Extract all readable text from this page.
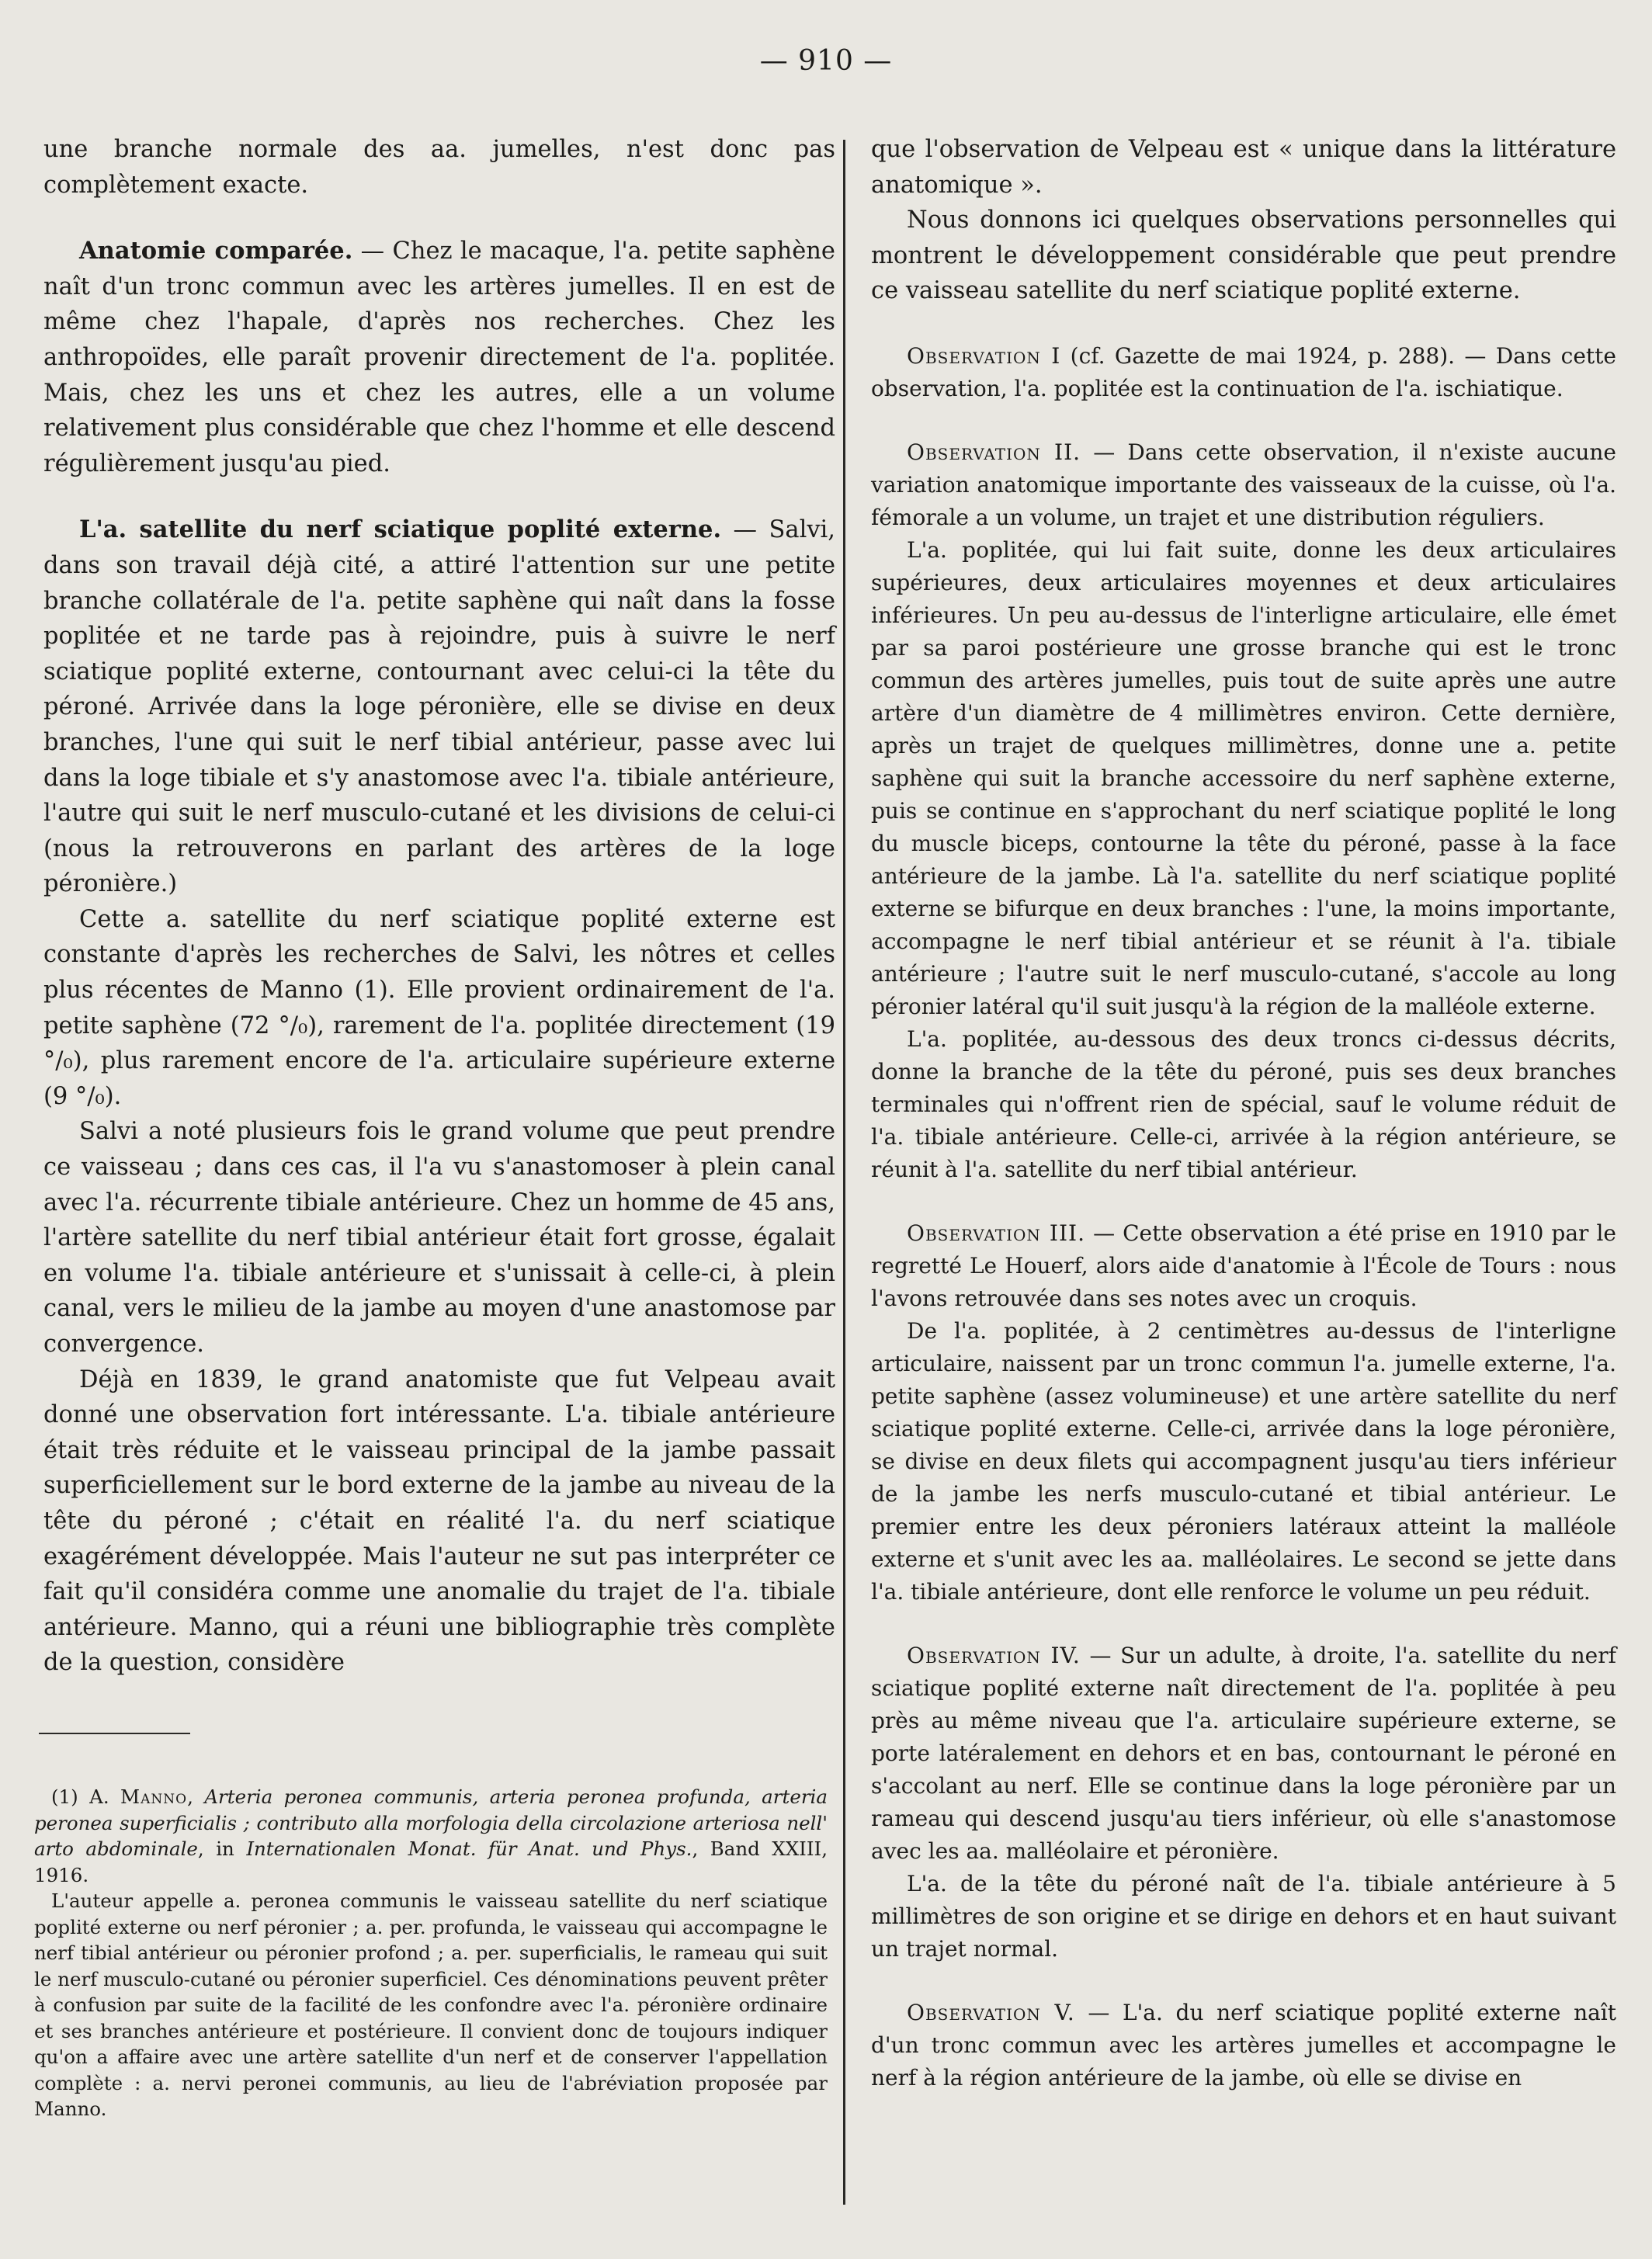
— 910 —

une branche normale des aa. jumelles, n'est donc pas complètement exacte.

Anatomie comparée. — Chez le macaque, l'a. petite saphène naît d'un tronc commun avec les artères jumelles. Il en est de même chez l'hapale, d'après nos recherches. Chez les anthropoïdes, elle paraît provenir directement de l'a. poplitée. Mais, chez les uns et chez les autres, elle a un volume relativement plus considérable que chez l'homme et elle descend régulièrement jusqu'au pied.

L'a. satellite du nerf sciatique poplité externe. — Salvi, dans son travail déjà cité, a attiré l'attention sur une petite branche collatérale de l'a. petite saphène qui naît dans la fosse poplitée et ne tarde pas à rejoindre, puis à suivre le nerf sciatique poplité externe, contournant avec celui-ci la tête du péroné. Arrivée dans la loge péronière, elle se divise en deux branches, l'une qui suit le nerf tibial antérieur, passe avec lui dans la loge tibiale et s'y anastomose avec l'a. tibiale antérieure, l'autre qui suit le nerf musculo-cutané et les divisions de celui-ci (nous la retrouverons en parlant des artères de la loge péronière.)

Cette a. satellite du nerf sciatique poplité externe est constante d'après les recherches de Salvi, les nôtres et celles plus récentes de Manno (1). Elle provient ordinairement de l'a. petite saphène (72 °/₀), rarement de l'a. poplitée directement (19 °/₀), plus rarement encore de l'a. articulaire supérieure externe (9 °/₀).

Salvi a noté plusieurs fois le grand volume que peut prendre ce vaisseau ; dans ces cas, il l'a vu s'anastomoser à plein canal avec l'a. récurrente tibiale antérieure. Chez un homme de 45 ans, l'artère satellite du nerf tibial antérieur était fort grosse, égalait en volume l'a. tibiale antérieure et s'unissait à celle-ci, à plein canal, vers le milieu de la jambe au moyen d'une anastomose par convergence.

Déjà en 1839, le grand anatomiste que fut Velpeau avait donné une observation fort intéressante. L'a. tibiale antérieure était très réduite et le vaisseau principal de la jambe passait superficiellement sur le bord externe de la jambe au niveau de la tête du péroné ; c'était en réalité l'a. du nerf sciatique exagérément développée. Mais l'auteur ne sut pas interpréter ce fait qu'il considéra comme une anomalie du trajet de l'a. tibiale antérieure. Manno, qui a réuni une bibliographie très complète de la question, considère

que l'observation de Velpeau est « unique dans la littérature anatomique ».

Nous donnons ici quelques observations personnelles qui montrent le développement considérable que peut prendre ce vaisseau satellite du nerf sciatique poplité externe.

Observation I (cf. Gazette de mai 1924, p. 288). — Dans cette observation, l'a. poplitée est la continuation de l'a. ischiatique.

Observation II. — Dans cette observation, il n'existe aucune variation anatomique importante des vaisseaux de la cuisse, où l'a. fémorale a un volume, un trajet et une distribution réguliers.

L'a. poplitée, qui lui fait suite, donne les deux articulaires supérieures, deux articulaires moyennes et deux articulaires inférieures. Un peu au-dessus de l'interligne articulaire, elle émet par sa paroi postérieure une grosse branche qui est le tronc commun des artères jumelles, puis tout de suite après une autre artère d'un diamètre de 4 millimètres environ. Cette dernière, après un trajet de quelques millimètres, donne une a. petite saphène qui suit la branche accessoire du nerf saphène externe, puis se continue en s'approchant du nerf sciatique poplité le long du muscle biceps, contourne la tête du péroné, passe à la face antérieure de la jambe. Là l'a. satellite du nerf sciatique poplité externe se bifurque en deux branches : l'une, la moins importante, accompagne le nerf tibial antérieur et se réunit à l'a. tibiale antérieure ; l'autre suit le nerf musculo-cutané, s'accole au long péronier latéral qu'il suit jusqu'à la région de la malléole externe.

L'a. poplitée, au-dessous des deux troncs ci-dessus décrits, donne la branche de la tête du péroné, puis ses deux branches terminales qui n'offrent rien de spécial, sauf le volume réduit de l'a. tibiale antérieure. Celle-ci, arrivée à la région antérieure, se réunit à l'a. satellite du nerf tibial antérieur.

Observation III. — Cette observation a été prise en 1910 par le regretté Le Houerf, alors aide d'anatomie à l'École de Tours : nous l'avons retrouvée dans ses notes avec un croquis.

De l'a. poplitée, à 2 centimètres au-dessus de l'interligne articulaire, naissent par un tronc commun l'a. jumelle externe, l'a. petite saphène (assez volumineuse) et une artère satellite du nerf sciatique poplité externe. Celle-ci, arrivée dans la loge péronière, se divise en deux filets qui accompagnent jusqu'au tiers inférieur de la jambe les nerfs musculo-cutané et tibial antérieur. Le premier entre les deux péroniers latéraux atteint la malléole externe et s'unit avec les aa. malléolaires. Le second se jette dans l'a. tibiale antérieure, dont elle renforce le volume un peu réduit.

Observation IV. — Sur un adulte, à droite, l'a. satellite du nerf sciatique poplité externe naît directement de l'a. poplitée à peu près au même niveau que l'a. articulaire supérieure externe, se porte latéralement en dehors et en bas, contournant le péroné en s'accolant au nerf. Elle se continue dans la loge péronière par un rameau qui descend jusqu'au tiers inférieur, où elle s'anastomose avec les aa. malléolaire et péronière.

L'a. de la tête du péroné naît de l'a. tibiale antérieure à 5 millimètres de son origine et se dirige en dehors et en haut suivant un trajet normal.

Observation V. — L'a. du nerf sciatique poplité externe naît d'un tronc commun avec les artères jumelles et accompagne le nerf à la région antérieure de la jambe, où elle se divise en

(1) A. Manno, Arteria peronea communis, arteria peronea profunda, arteria peronea superficialis ; contributo alla morfologia della circolazione arteriosa nell' arto abdominale, in Internationalen Monat. für Anat. und Phys., Band XXIII, 1916.

L'auteur appelle a. peronea communis le vaisseau satellite du nerf sciatique poplité externe ou nerf péronier ; a. per. profunda, le vaisseau qui accompagne le nerf tibial antérieur ou péronier profond ; a. per. superficialis, le rameau qui suit le nerf musculo-cutané ou péronier superficiel. Ces dénominations peuvent prêter à confusion par suite de la facilité de les confondre avec l'a. péronière ordinaire et ses branches antérieure et postérieure. Il convient donc de toujours indiquer qu'on a affaire avec une artère satellite d'un nerf et de conserver l'appellation complète : a. nervi peronei communis, au lieu de l'abréviation proposée par Manno.
